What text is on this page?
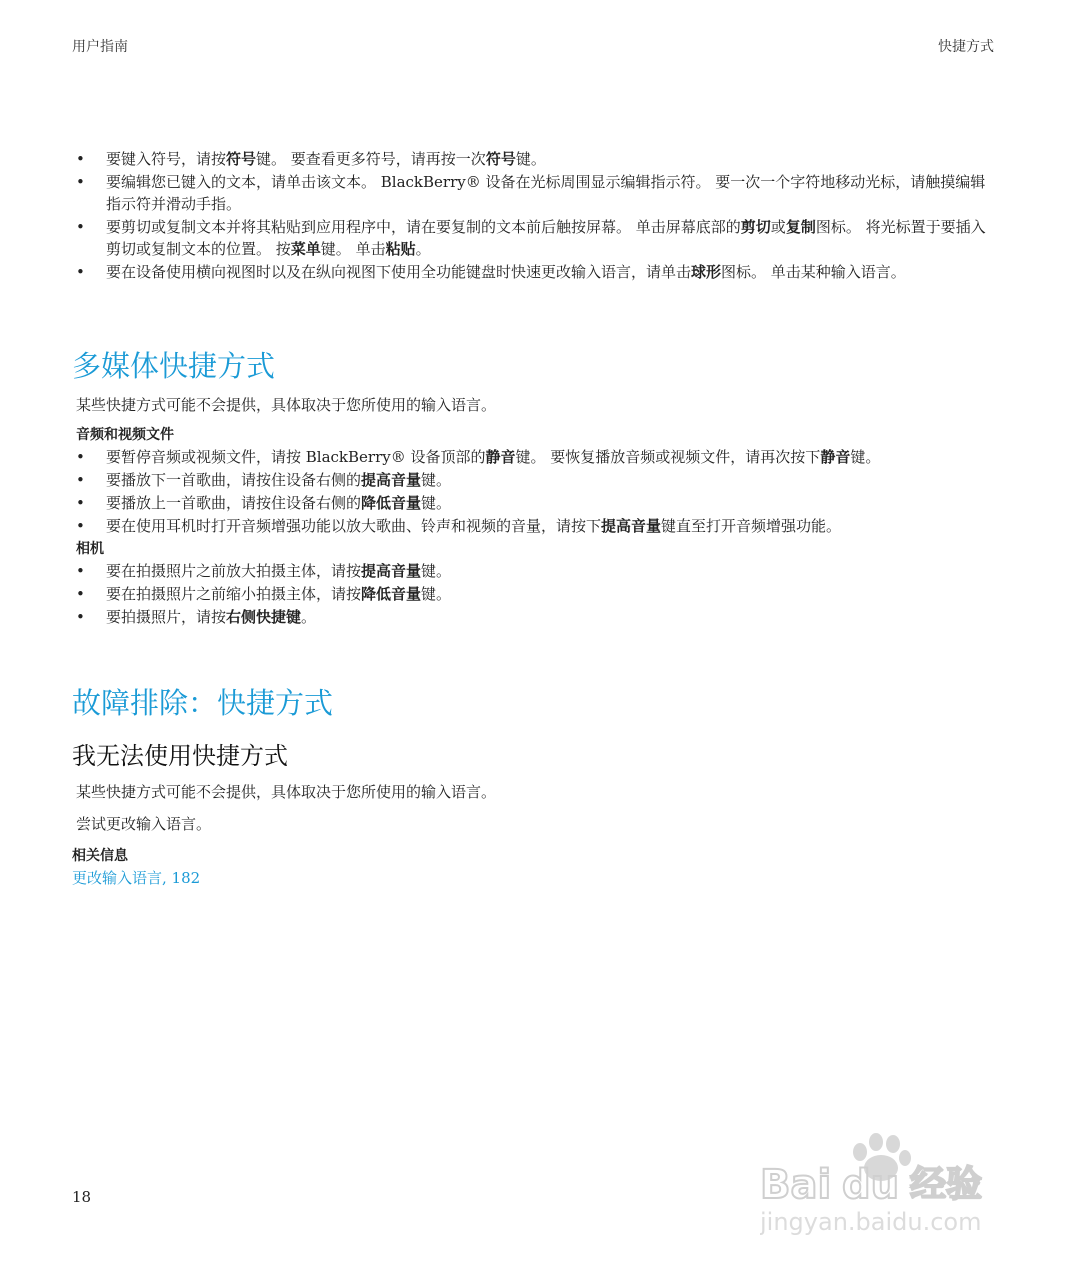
用户指南	快捷方式
• 要键入符号，请按符号键。 要查看更多符号，请再按一次符号键。
• 要编辑您已键入的文本，请单击该文本。 BlackBerry® 设备在光标周围显示编辑指示符。 要一次一个字符地移动光标，请触摸编辑指示符并滑动手指。
• 要剪切或复制文本并将其粘贴到应用程序中，请在要复制的文本前后触按屏幕。 单击屏幕底部的剪切或复制图标。 将光标置于要插入剪切或复制文本的位置。 按菜单键。 单击粘贴。
• 要在设备使用横向视图时以及在纵向视图下使用全功能键盘时快速更改输入语言，请单击球形图标。 单击某种输入语言。
多媒体快捷方式

某些快捷方式可能不会提供，具体取决于您所使用的输入语言。

音频和视频文件
• 要暂停音频或视频文件，请按 BlackBerry® 设备顶部的静音键。 要恢复播放音频或视频文件，请再次按下静音键。
• 要播放下一首歌曲，请按住设备右侧的提高音量键。
• 要播放上一首歌曲，请按住设备右侧的降低音量键。
• 要在使用耳机时打开音频增强功能以放大歌曲、铃声和视频的音量，请按下提高音量键直至打开音频增强功能。
相机
• 要在拍摄照片之前放大拍摄主体，请按提高音量键。
• 要在拍摄照片之前缩小拍摄主体，请按降低音量键。
• 要拍摄照片，请按右侧快捷键。
故障排除：快捷方式
我无法使用快捷方式

某些快捷方式可能不会提供，具体取决于您所使用的输入语言。

尝试更改输入语言。

相关信息
更改输入语言, 182
18	Bai du 经验
jingyan.baidu.com
